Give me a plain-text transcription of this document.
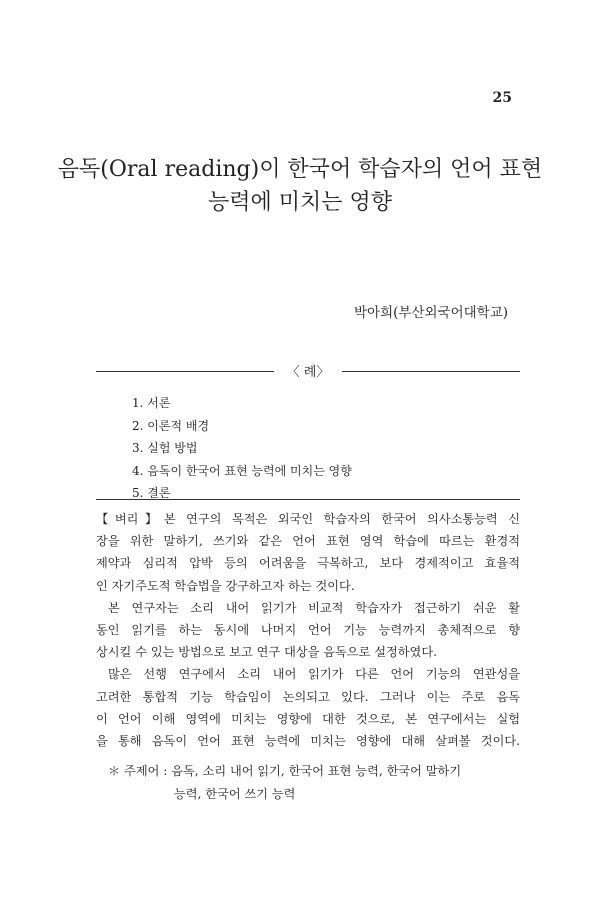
25
음독(Oral reading)이 한국어 학습자의 언어 표현
능력에 미치는 영향
박아희(부산외국어대학교)
〈 례〉
1. 서론
2. 이론적 배경
3. 실험 방법
4. 음독이 한국어 표현 능력에 미치는 영향
5. 결론

【벼리】본 연구의 목적은 외국인 학습자의 한국어 의사소통능력 신

장을 위한 말하기, 쓰기와 같은 언어 표현 영역 학습에 따르는 환경적

제약과 심리적 압박 등의 어려움을 극복하고, 보다 경제적이고 효율적

인 자기주도적 학습법을 강구하고자 하는 것이다.

본 연구자는 소리 내어 읽기가 비교적 학습자가 접근하기 쉬운 활

동인 읽기를 하는 동시에 나머지 언어 기능 능력까지 총체적으로 향

상시킬 수 있는 방법으로 보고 연구 대상을 음독으로 설정하였다.

많은 선행 연구에서 소리 내어 읽기가 다른 언어 기능의 연관성을

고려한 통합적 기능 학습임이 논의되고 있다. 그러나 이는 주로 음독

이 언어 이해 영역에 미치는 영향에 대한 것으로, 본 연구에서는 실험

을 통해 음독이 언어 표현 능력에 미치는 영향에 대해 살펴볼 것이다.

＊ 주제어 : 음독, 소리 내어 읽기, 한국어 표현 능력, 한국어 말하기
능력, 한국어 쓰기 능력
